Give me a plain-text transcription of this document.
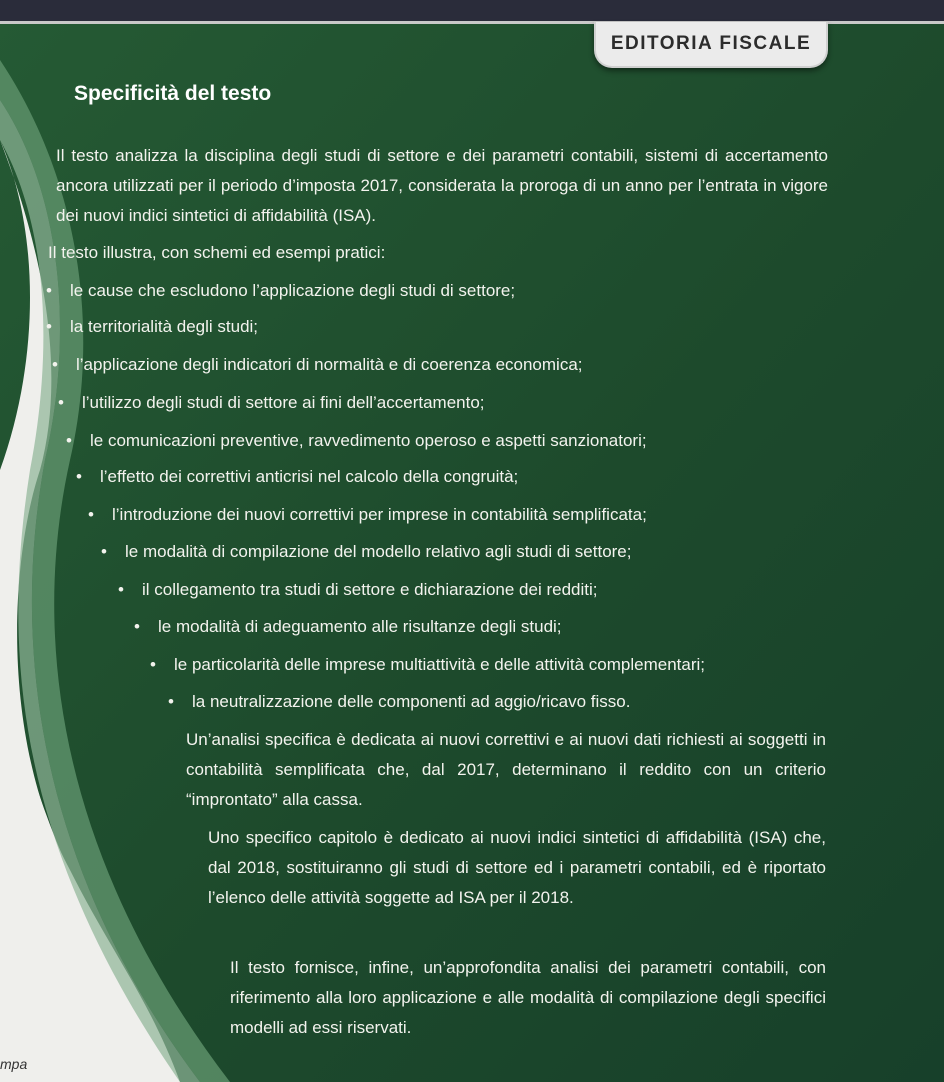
EDITORIA FISCALE
Specificità del testo

Il testo analizza la disciplina degli studi di settore e dei parametri contabili, sistemi di accertamento ancora utilizzati per il periodo d’imposta 2017, considerata la proroga di un anno per l’entrata in vigore dei nuovi indici sintetici di affidabilità (ISA).

Il testo illustra, con schemi ed esempi pratici:

• le cause che escludono l’applicazione degli studi di settore;
• la territorialità degli studi;
• l’applicazione degli indicatori di normalità e di coerenza economica;
• l’utilizzo degli studi di settore ai fini dell’accertamento;
• le comunicazioni preventive, ravvedimento operoso e aspetti sanzionatori;
• l’effetto dei correttivi anticrisi nel calcolo della congruità;
• l’introduzione dei nuovi correttivi per imprese in contabilità semplificata;
• le modalità di compilazione del modello relativo agli studi di settore;
• il collegamento tra studi di settore e dichiarazione dei redditi;
• le modalità di adeguamento alle risultanze degli studi;
• le particolarità delle imprese multiattività e delle attività complementari;
• la neutralizzazione delle componenti ad aggio/ricavo fisso.

Un’analisi specifica è dedicata ai nuovi correttivi e ai nuovi dati richiesti ai soggetti in contabilità semplificata che, dal 2017, determinano il reddito con un criterio “improntato” alla cassa.

Uno specifico capitolo è dedicato ai nuovi indici sintetici di affidabilità (ISA) che, dal 2018, sostituiranno gli studi di settore ed i parametri contabili, ed è riportato l’elenco delle attività soggette ad ISA per il 2018.

Il testo fornisce, infine, un’approfondita analisi dei parametri contabili, con riferimento alla loro applicazione e alle modalità di compilazione degli specifici modelli ad essi riservati.

mpa
